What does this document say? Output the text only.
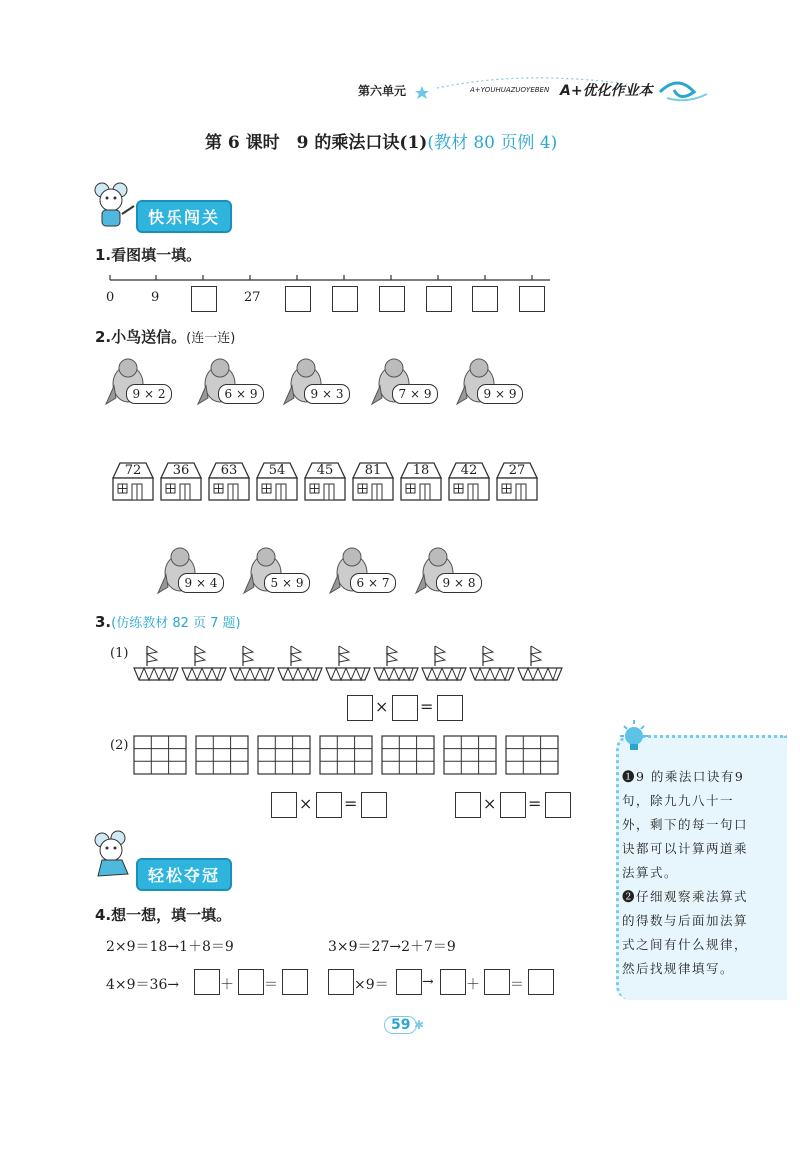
第六单元	A+YOUHUAZUOYEBEN A+优化作业本
第 6 课时　9 的乘法口诀(1)(教材 80 页例 4)
快乐闯关
1.看图填一填。
0	9	27
2.小鸟送信。(连一连)
9 × 2	6 × 9	9 × 3	7 × 9	9 × 9
72 36 63 54 45 81 18 42 27
9 × 4	5 × 9	6 × 7	9 × 8
3.(仿练教材 82 页 7 题)
(1)
× =
(2)
× =	× =
❶9 的乘法口诀有9 句，除九九八十一外，剩下的每一句口诀都可以计算两道乘法算式。
❷仔细观察乘法算式的得数与后面加法算式之间有什么规律，然后找规律填写。
轻松夺冠
4.想一想，填一填。
2×9＝18→1＋8＝9	3×9＝27→2＋7＝9
4×9＝36→	＋ ＝	×9＝ → ＋ ＝
59 ✱
